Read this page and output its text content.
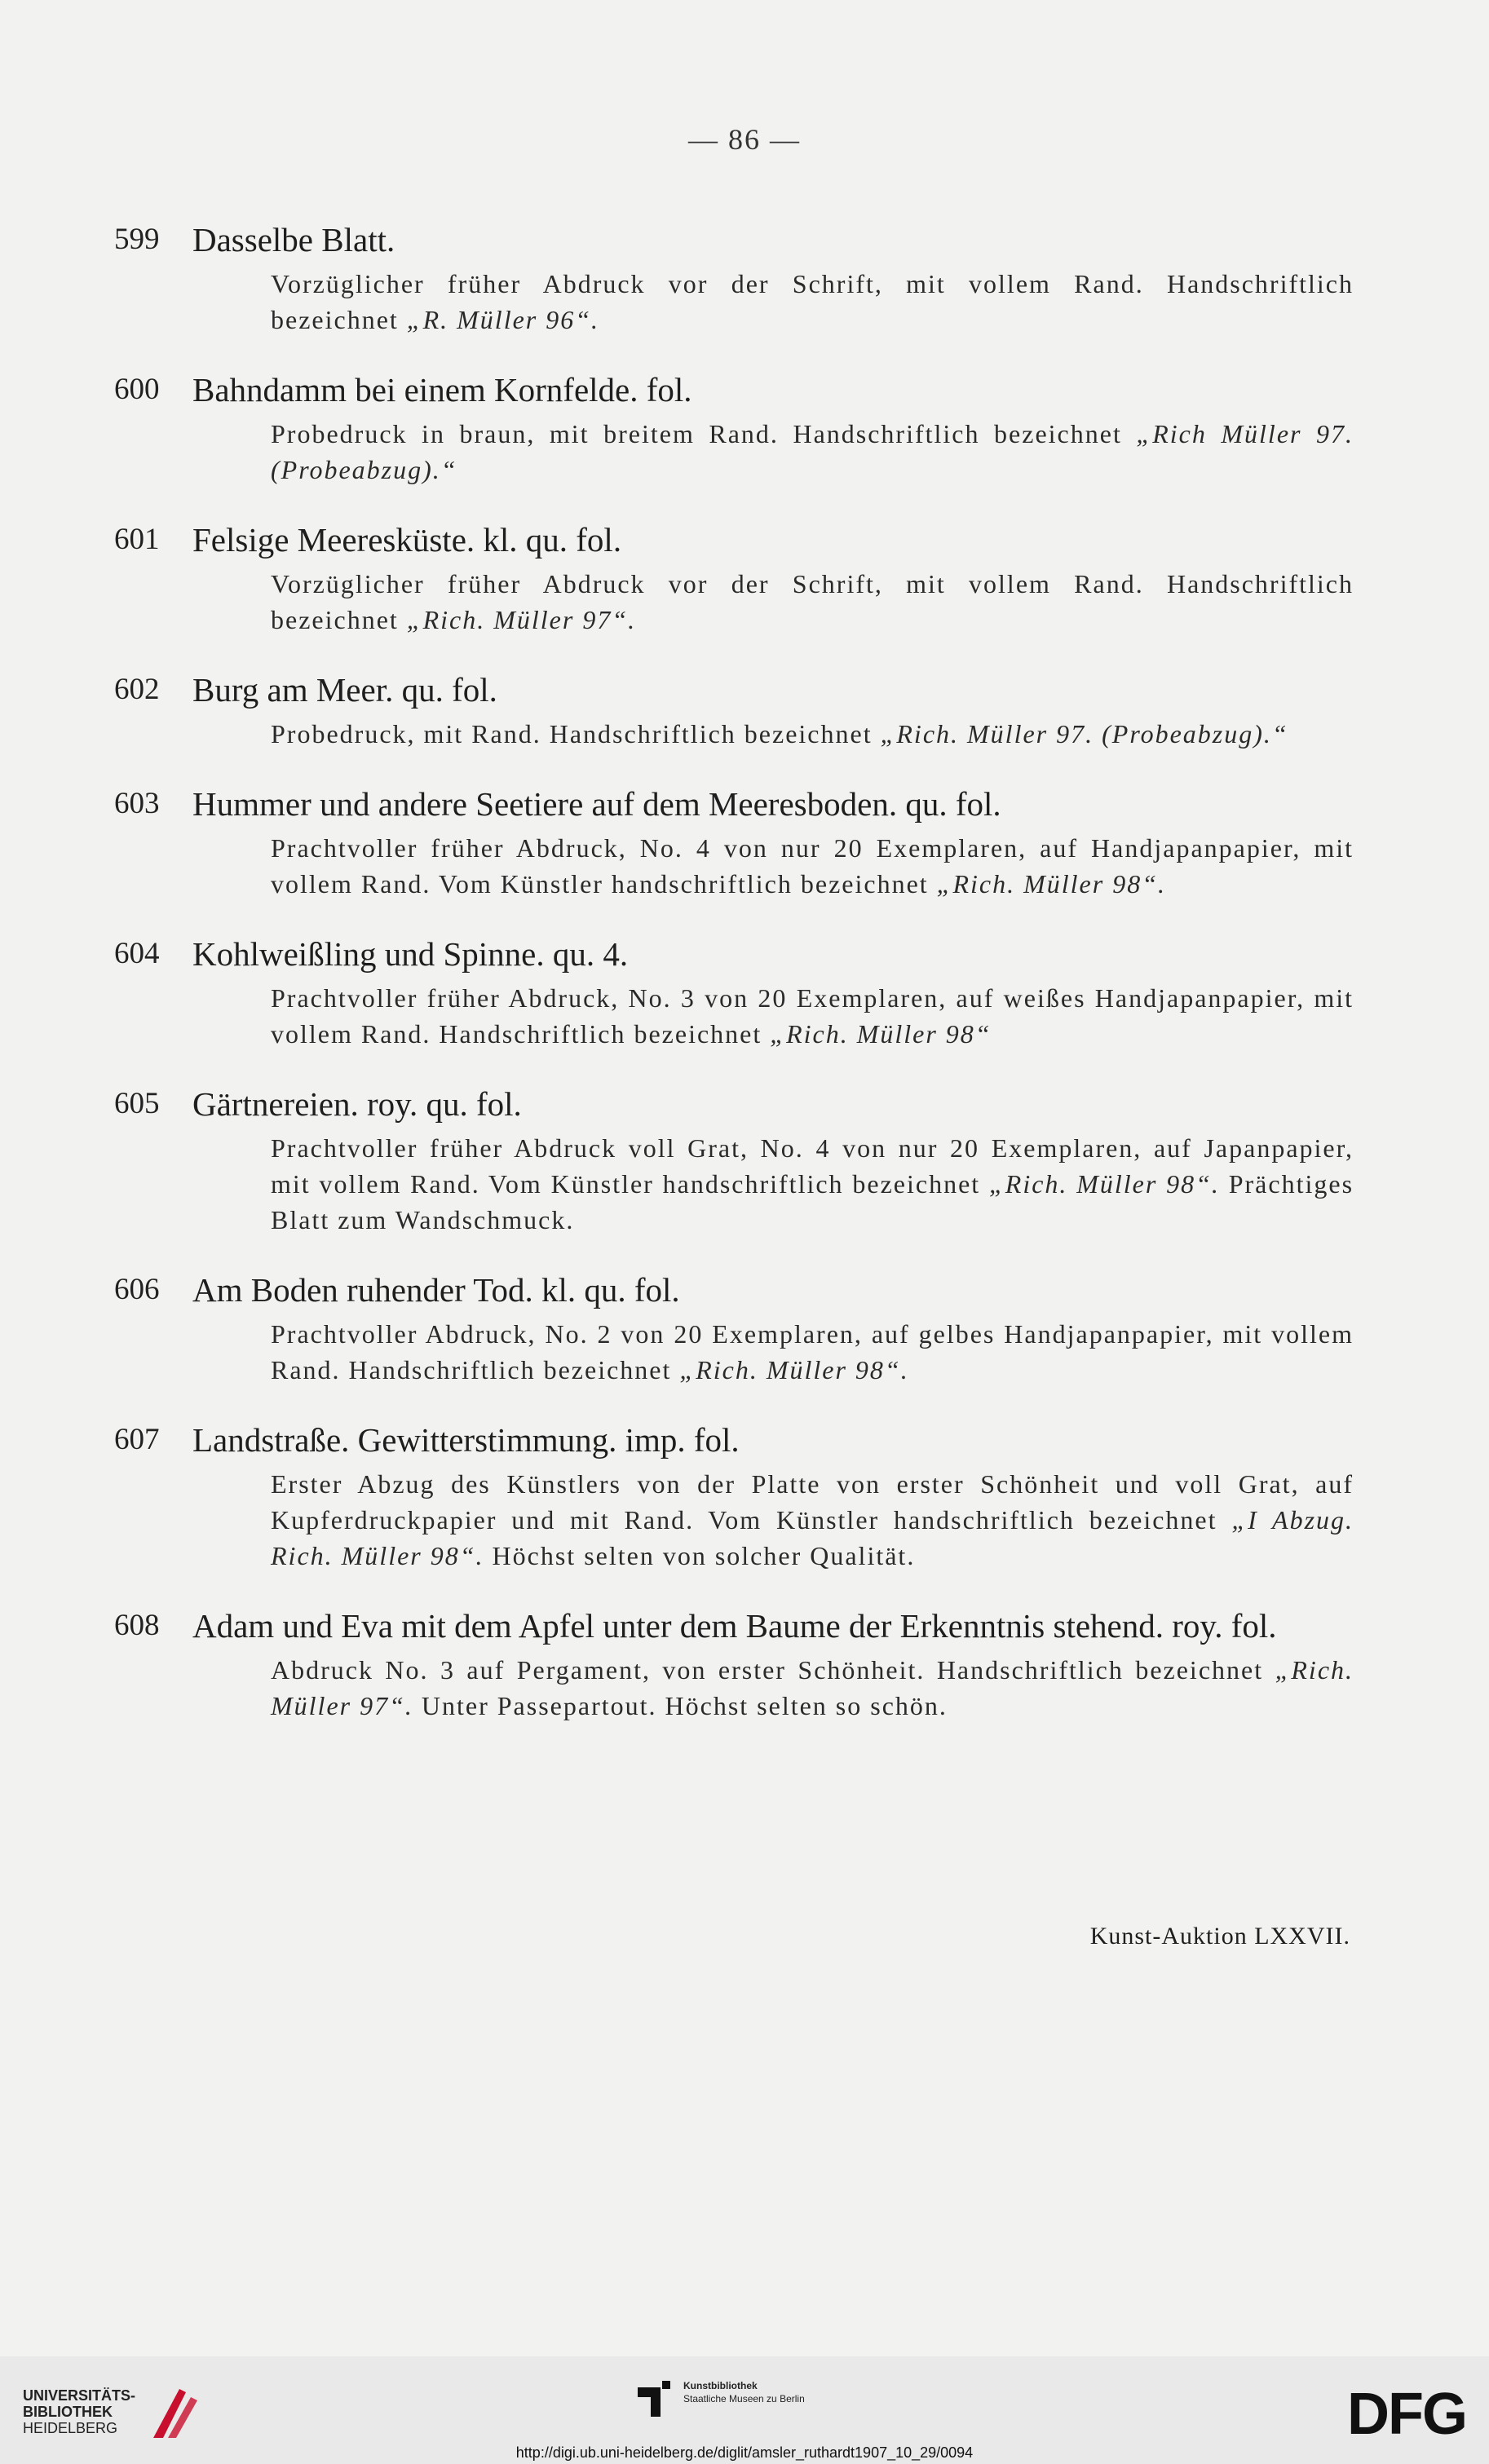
— 86 —
599 Dasselbe Blatt.
Vorzüglicher früher Abdruck vor der Schrift, mit vollem Rand. Handschriftlich bezeichnet „R. Müller 96“.
600 Bahndamm bei einem Kornfelde. fol.
Probedruck in braun, mit breitem Rand. Handschriftlich bezeichnet „Rich Müller 97. (Probeabzug).“
601 Felsige Meeresküste. kl. qu. fol.
Vorzüglicher früher Abdruck vor der Schrift, mit vollem Rand. Handschriftlich bezeichnet „Rich. Müller 97“.
602 Burg am Meer. qu. fol.
Probedruck, mit Rand. Handschriftlich bezeichnet „Rich. Müller 97. (Probeabzug).“
603 Hummer und andere Seetiere auf dem Meeresboden. qu. fol.
Prachtvoller früher Abdruck, No. 4 von nur 20 Exemplaren, auf Handjapanpapier, mit vollem Rand. Vom Künstler handschriftlich bezeichnet „Rich. Müller 98“.
604 Kohlweißling und Spinne. qu. 4.
Prachtvoller früher Abdruck, No. 3 von 20 Exemplaren, auf weißes Handjapanpapier, mit vollem Rand. Handschriftlich bezeichnet „Rich. Müller 98“
605 Gärtnereien. roy. qu. fol.
Prachtvoller früher Abdruck voll Grat, No. 4 von nur 20 Exemplaren, auf Japanpapier, mit vollem Rand. Vom Künstler handschriftlich bezeichnet „Rich. Müller 98“. Prächtiges Blatt zum Wandschmuck.
606 Am Boden ruhender Tod. kl. qu. fol.
Prachtvoller Abdruck, No. 2 von 20 Exemplaren, auf gelbes Handjapanpapier, mit vollem Rand. Handschriftlich bezeichnet „Rich. Müller 98“.
607 Landstraße. Gewitterstimmung. imp. fol.
Erster Abzug des Künstlers von der Platte von erster Schönheit und voll Grat, auf Kupferdruckpapier und mit Rand. Vom Künstler handschriftlich bezeichnet „I Abzug. Rich. Müller 98“. Höchst selten von solcher Qualität.
608 Adam und Eva mit dem Apfel unter dem Baume der Erkenntnis stehend. roy. fol.
Abdruck No. 3 auf Pergament, von erster Schönheit. Handschriftlich bezeichnet „Rich. Müller 97“. Unter Passepartout. Höchst selten so schön.
Kunst-Auktion LXXVII.
UNIVERSITÄTS-
BIBLIOTHEK
HEIDELBERG
Kunstbibliothek
Staatliche Museen zu Berlin	DFG
http://digi.ub.uni-heidelberg.de/diglit/amsler_ruthardt1907_10_29/0094
